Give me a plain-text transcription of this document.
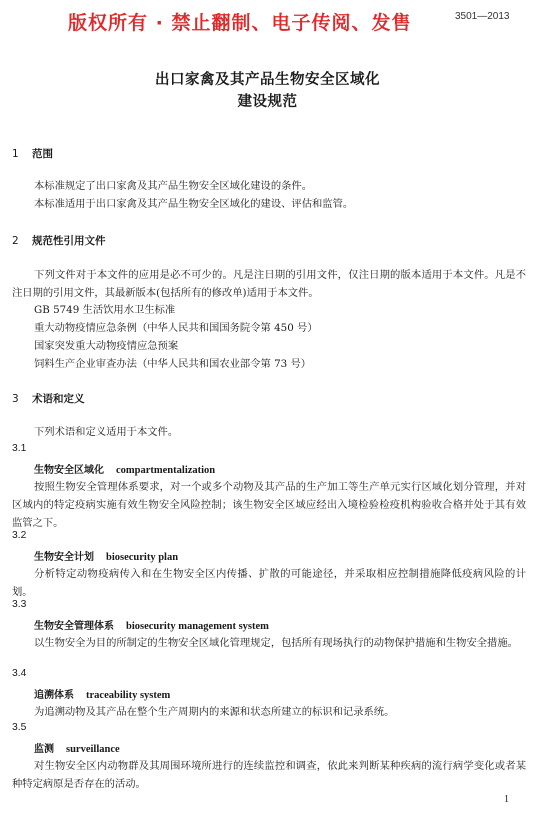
版权所有 · 禁止翻制、电子传阅、发售	3501—2013
出口家禽及其产品生物安全区域化
建设规范
1 范围
本标准规定了出口家禽及其产品生物安全区域化建设的条件。
本标准适用于出口家禽及其产品生物安全区域化的建设、评估和监管。
2 规范性引用文件
下列文件对于本文件的应用是必不可少的。凡是注日期的引用文件，仅注日期的版本适用于本文件。凡是不注日期的引用文件，其最新版本(包括所有的修改单)适用于本文件。
GB 5749 生活饮用水卫生标准
重大动物疫情应急条例（中华人民共和国国务院令第 450 号）
国家突发重大动物疫情应急预案
饲料生产企业审查办法（中华人民共和国农业部令第 73 号）
3 术语和定义
下列术语和定义适用于本文件。
3.1
生物安全区域化 compartmentalization
按照生物安全管理体系要求，对一个或多个动物及其产品的生产加工等生产单元实行区域化划分管理，并对区域内的特定疫病实施有效生物安全风险控制；该生物安全区域应经出入境检验检疫机构验收合格并处于其有效监管之下。
3.2
生物安全计划 biosecurity plan
分析特定动物疫病传入和在生物安全区内传播、扩散的可能途径，并采取相应控制措施降低疫病风险的计划。
3.3
生物安全管理体系 biosecurity management system
以生物安全为目的所制定的生物安全区域化管理规定，包括所有现场执行的动物保护措施和生物安全措施。
3.4
追溯体系 traceability system
为追溯动物及其产品在整个生产周期内的来源和状态所建立的标识和记录系统。
3.5
监测 surveillance
对生物安全区内动物群及其周围环境所进行的连续监控和调查，依此来判断某种疾病的流行病学变化或者某种特定病原是否存在的活动。
1
